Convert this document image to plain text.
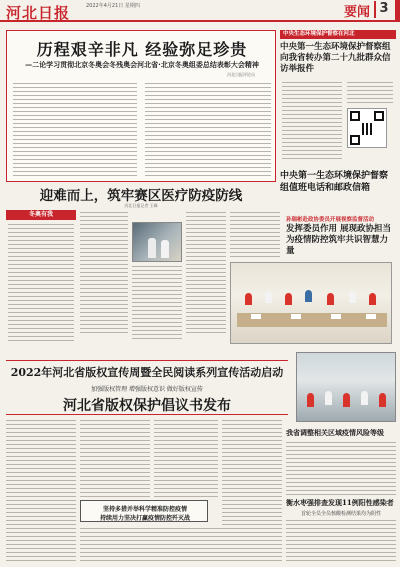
河北日报	2022年4月21日 星期四	要闻 3
历程艰辛非凡 经验弥足珍贵
—二论学习贯彻北京冬奥会冬残奥会河北省·北京冬奥组委总结表彰大会精神
河北日报评论员
中央生态环境保护督察在河北
中央第一生态环境保护督察组向我省转办第二十九批群众信访举报件
中央第一生态环境保护督察组值班电话和邮政信箱
迎难而上，筑牢赛区医疗防疫防线
河北日报记者 王峰
冬奥有我
孙瑞彬赴政协委员开展视察监督活动
发挥委员作用 展现政协担当 为疫情防控筑牢共识智慧力量
2022年河北省版权宣传周暨全民阅读系列宣传活动启动
加强版权管理 增强版权意识 做好版权宣传
河北省版权保护倡议书发布
我省调整相关区域疫情风险等级
衡水枣强排查发现11例阳性感染者
首轮全员全员核酸检测结果均为阴性
坚持多措并举科学精准防控疫情
持续用力坚决打赢疫情防控歼灭战
